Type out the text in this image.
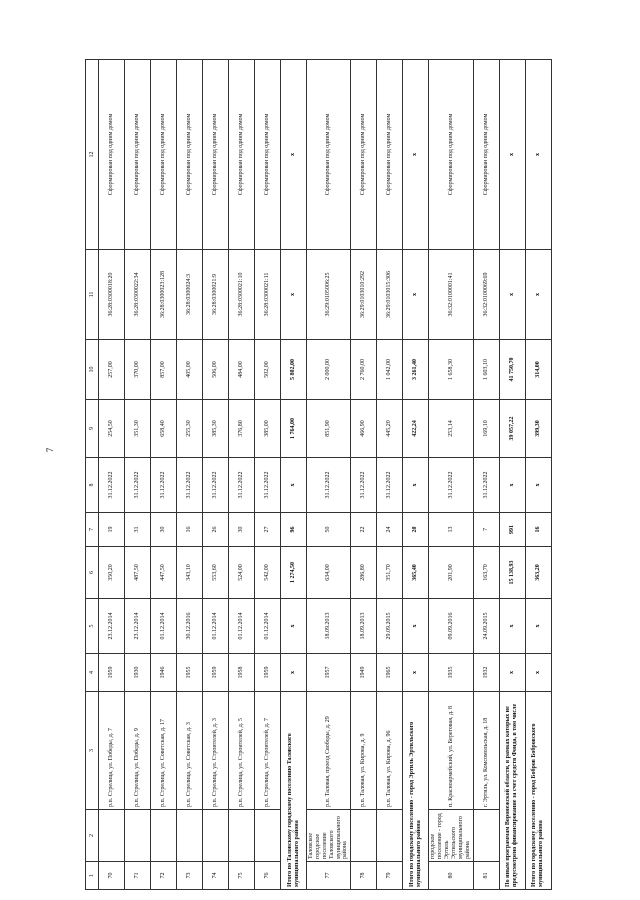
7
1	2	3	4	5	6	7	8	9	10	11	12
70		р.п. Стрелица, ул. Победы, д. 7	1959	23.12.2014	350,20	19	31.12.2022	254,50	257,00	36:28:0300018:20	Сформирован под одним домом
71		р.п. Стрелица, ул. Победы, д. 9	1930	23.12.2014	487,50	31	31.12.2022	351,30	370,00	36:28:0300022:34	Сформирован под одним домом
72		р.п. Стрелица, ул. Советская, д. 17	1946	01.12.2014	447,50	30	31.12.2022	658,40	857,00	36:28:0300023:128	Сформирован под одним домом
73		р.п. Стрелица, ул. Советская, д. 3	1955	30.12.2016	343,10	16	31.12.2022	255,30	405,00	36:28:0300024:3	Сформирован под одним домом
74		р.п. Стрелица, ул. Строителей, д. 3	1959	01.12.2014	553,60	26	31.12.2022	385,30	506,00	36:28:0300021:9	Сформирован под одним домом
75		р.п. Стрелица, ул. Строителей, д. 5	1958	01.12.2014	524,00	30	31.12.2022	376,80	484,00	36:28:0300021:10	Сформирован под одним домом
76		р.п. Стрелица, ул. Строителей, д. 7	1959	01.12.2014	542,00	27	31.12.2022	385,00	502,00	36:28:0300021:11	Сформирован под одним домом
Итого по Таловскому городскому поселению Таловского муниципального района			х	х	1 274,50	96	х	1 764,00	5 802,00	х	х
77	Таловское городское поселение Таловского муниципального района	р.п. Таловая, проезд Свободы, д. 29	1957	18.09.2013	634,00	50	31.12.2022	851,90	2 000,00	36:29:0105006:25	Сформирован под одним домом
78		р.п. Таловая, ул. Кирова, д. 9	1949	18.09.2013	286,80	22	31.12.2022	466,90	2 760,00	36:29:0103010:292	Сформирован под одним домом
79		р.п. Таловая, ул. Кирова, д. 96	1965	29.09.2015	351,70	24	31.12.2022	445,20	1 042,00	36:29:0103015:306	Сформирован под одним домом
Итого по городскому поселению - город Эртиль Эртильского муниципального района			х	х	365,40	20	х	422,24	3 261,40	х	х
80	городское поселение - город Эртиль Эртильского муниципального района	п. Красноармейский, ул. Береговая, д. 8	1935	09.09.2016	201,90	13	31.12.2022	253,14	1 658,30	36:32:0100001:41	Сформирован под одним домом
81		г. Эртиль, ул. Комсомольская, д. 18	1932	24.09.2015	163,70	7	31.12.2022	169,10	1 603,10	36:32:0100069:69	Сформирован под одним домом
По иным программам Воронежской области, в рамках которых не предусмотрено финансирование за счет средств Фонда, в том числе			х	х	15 138,93	991	х	39 057,22	41 750,70	х	х
Итого по городскому поселению - город Бобров Бобровского муниципального района			х	х	363,20	16	х	399,30	314,00	х	х
